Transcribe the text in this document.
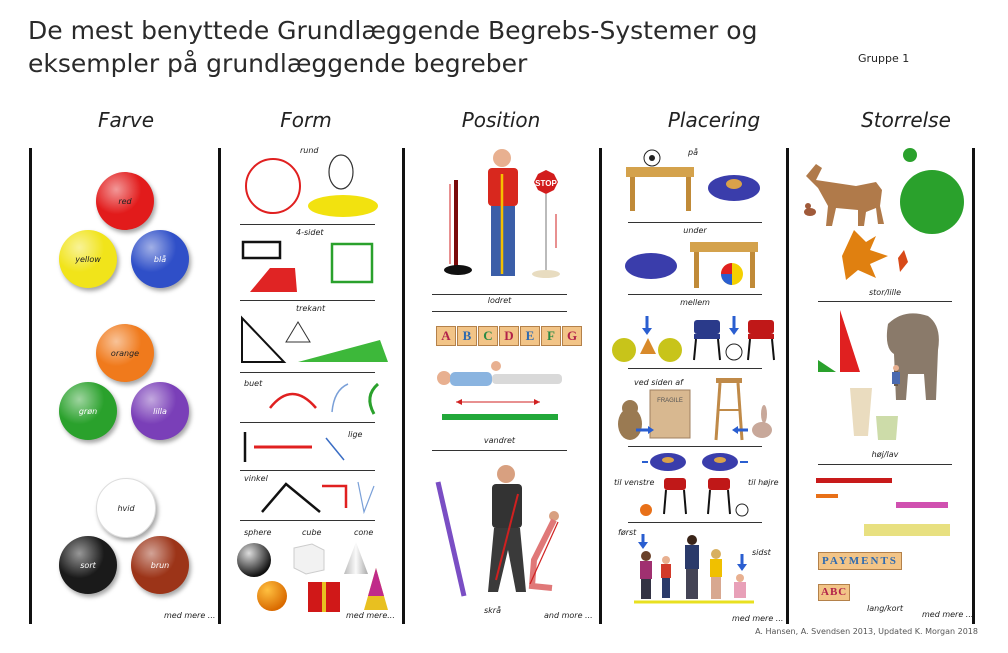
De mest benyttede Grundlæggende Begrebs-Systemer og
eksempler på grundlæggende begreber	Gruppe 1
Farve	Form	Position	Placering	Storrelse
red
yellow	blå
orange
grøn	lilla
hvid
sort	brun
med mere ...
rund
4-sidet
trekant
buet
lige
vinkel
sphere	cube	cone
med mere...
STOP
lodret
A B C D E F G
vandret
skrå
and more ...
på
under
mellem
ved siden af
FRAGILE
til venstre	til højre
først
sidst
med mere ...
stor/lille
høj/lav
PAYMENTS
ABC
lang/kort
med mere ...
A. Hansen, A. Svendsen 2013, Updated K. Morgan 2018
